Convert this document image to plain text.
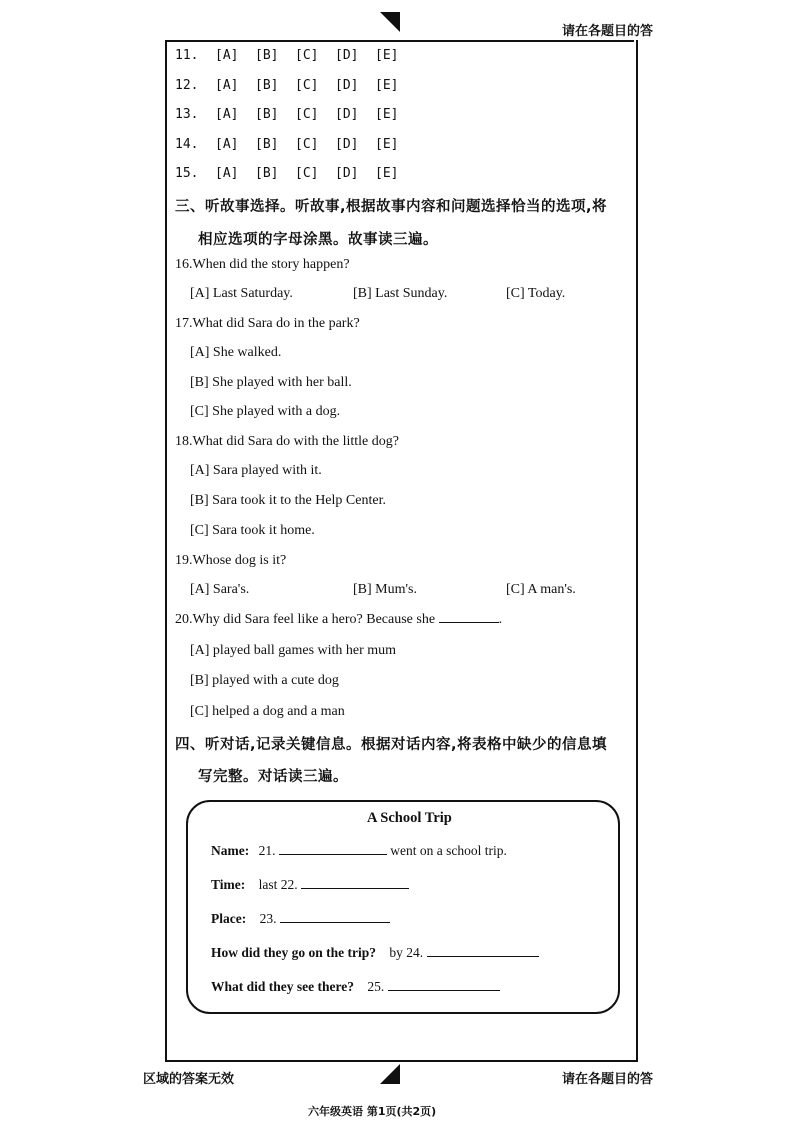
请在各题目的答
11. [A] [B] [C] [D] [E]
12. [A] [B] [C] [D] [E]
13. [A] [B] [C] [D] [E]
14. [A] [B] [C] [D] [E]
15. [A] [B] [C] [D] [E]
三、听故事选择。听故事,根据故事内容和问题选择恰当的选项,将
相应选项的字母涂黑。故事读三遍。
16.When did the story happen?
[A] Last Saturday.	[B] Last Sunday.	[C] Today.
17.What did Sara do in the park?
[A] She walked.
[B] She played with her ball.
[C] She played with a dog.
18.What did Sara do with the little dog?
[A] Sara played with it.
[B] Sara took it to the Help Center.
[C] Sara took it home.
19.Whose dog is it?
[A] Sara's.	[B] Mum's.	[C] A man's.
20.Why did Sara feel like a hero? Because she	.
[A] played ball games with her mum
[B] played with a cute dog
[C] helped a dog and a man
四、听对话,记录关键信息。根据对话内容,将表格中缺少的信息填
写完整。对话读三遍。
A School Trip
Name: 21.	went on a school trip.
Time: last 22.
Place: 23.
How did they go on the trip? by 24.
What did they see there? 25.
区域的答案无效	请在各题目的答
六年级英语 第1页(共2页)
